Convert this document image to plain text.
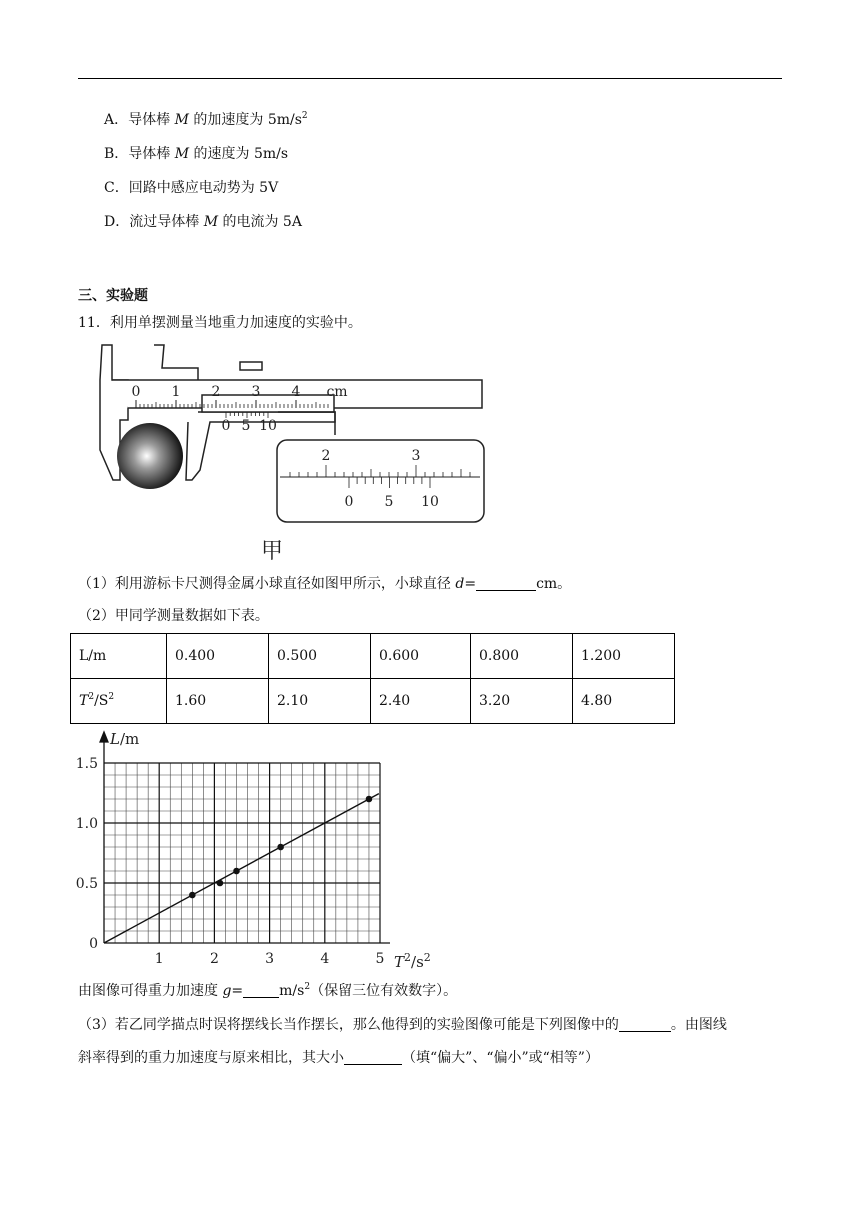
A．导体棒 M 的加速度为 $5m/s^2$
B．导体棒 M 的速度为 5m/s
C．回路中感应电动势为 5V
D．流过导体棒 M 的电流为 5A
三、实验题
11．利用单摆测量当地重力加速度的实验中。
0 1 2 3 4 cm
0 5 10
2	3
0 5 10
甲
（1）利用游标卡尺测得金属小球直径如图甲所示，小球直径 d=	cm。
（2）甲同学测量数据如下表。
L/m	0.400	0.500	0.600	0.800	1.200
$T^2/S^2$	1.60	2.10	2.40	3.20	4.80
0
0.5
1.0
1.5
1	2	3	4	5
L/m
$T^2/s^2$
由图像可得重力加速度 g=	$m/s^2$（保留三位有效数字）。
（3）若乙同学描点时误将摆线长当作摆长，那么他得到的实验图像可能是下列图像中的	。由图线
斜率得到的重力加速度与原来相比，其大小	（填“偏大”、“偏小”或“相等”）
